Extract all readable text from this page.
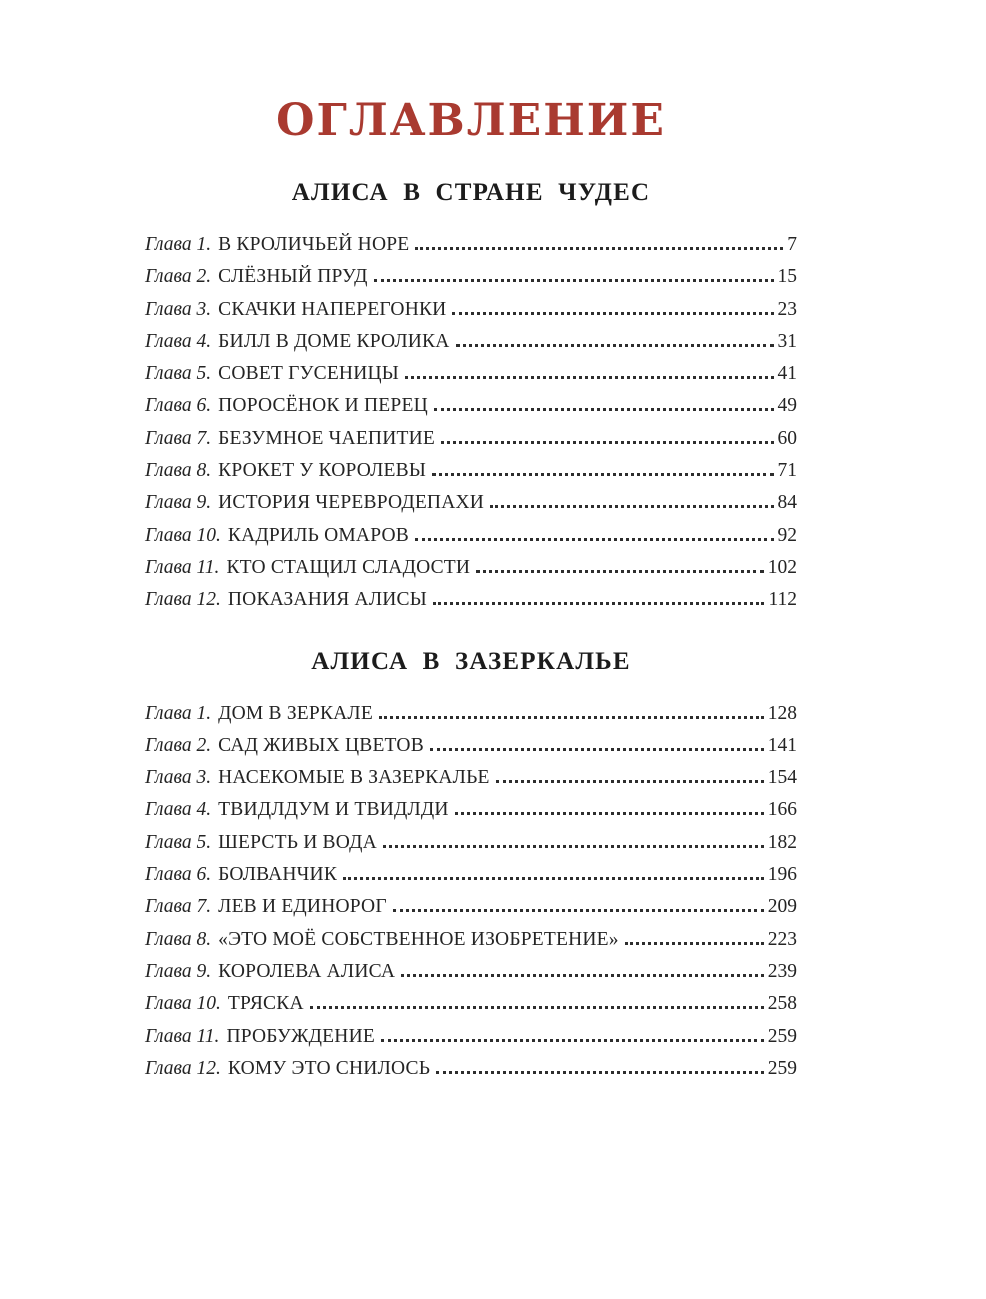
ОГЛАВЛЕНИЕ
АЛИСА В СТРАНЕ ЧУДЕС
Глава 1. В КРОЛИЧЬЕЙ НОРЕ	7
Глава 2. СЛЁЗНЫЙ ПРУД	15
Глава 3. СКАЧКИ НАПЕРЕГОНКИ	23
Глава 4. БИЛЛ В ДОМЕ КРОЛИКА	31
Глава 5. СОВЕТ ГУСЕНИЦЫ	41
Глава 6. ПОРОСЁНОК И ПЕРЕЦ	49
Глава 7. БЕЗУМНОЕ ЧАЕПИТИЕ	60
Глава 8. КРОКЕТ У КОРОЛЕВЫ	71
Глава 9. ИСТОРИЯ ЧЕРЕВРОДЕПАХИ	84
Глава 10. КАДРИЛЬ ОМАРОВ	92
Глава 11. КТО СТАЩИЛ СЛАДОСТИ	102
Глава 12. ПОКАЗАНИЯ АЛИСЫ	112
АЛИСА В ЗАЗЕРКАЛЬЕ
Глава 1. ДОМ В ЗЕРКАЛЕ	128
Глава 2. САД ЖИВЫХ ЦВЕТОВ	141
Глава 3. НАСЕКОМЫЕ В ЗАЗЕРКАЛЬЕ	154
Глава 4. ТВИДЛДУМ И ТВИДЛДИ	166
Глава 5. ШЕРСТЬ И ВОДА	182
Глава 6. БОЛВАНЧИК	196
Глава 7. ЛЕВ И ЕДИНОРОГ	209
Глава 8. «ЭТО МОЁ СОБСТВЕННОЕ ИЗОБРЕТЕНИЕ»	223
Глава 9. КОРОЛЕВА АЛИСА	239
Глава 10. ТРЯСКА	258
Глава 11. ПРОБУЖДЕНИЕ	259
Глава 12. КОМУ ЭТО СНИЛОСЬ	259
